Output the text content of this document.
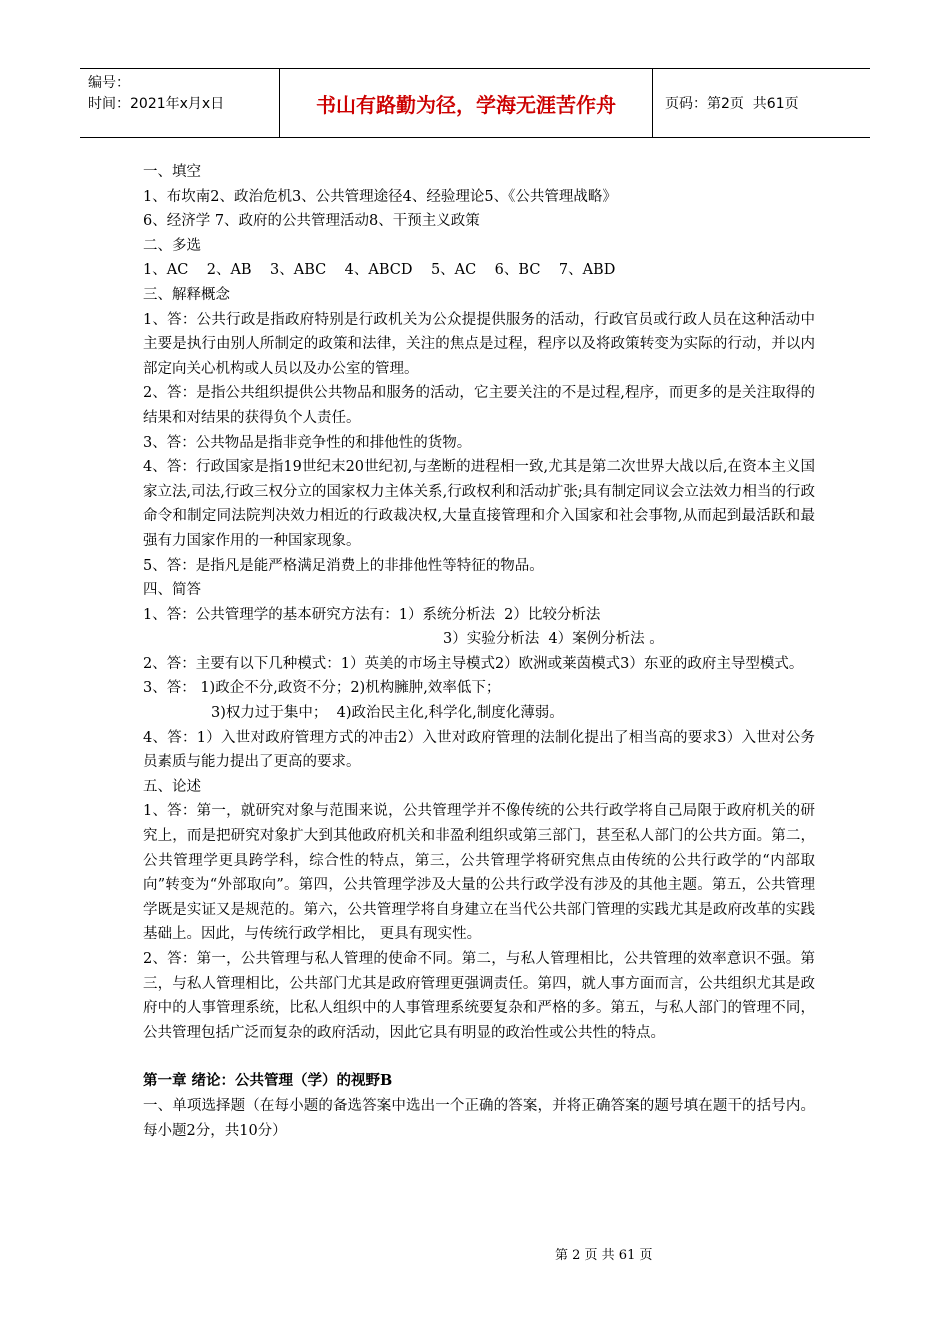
编号：
时间：2021年x月x日	书山有路勤为径，学海无涯苦作舟	页码：第2页  共61页

一、填空

1、布坎南2、政治危机3、公共管理途径4、经验理论5、《公共管理战略》

6、经济学 7、政府的公共管理活动8、干预主义政策

二、多选

1、AC    2、AB    3、ABC    4、ABCD    5、AC    6、BC    7、ABD

三、解释概念

1、答：公共行政是指政府特别是行政机关为公众提提供服务的活动，行政官员或行政人员在这种活动中主要是执行由别人所制定的政策和法律，关注的焦点是过程，程序以及将政策转变为实际的行动，并以内部定向关心机构或人员以及办公室的管理。

2、答：是指公共组织提供公共物品和服务的活动，它主要关注的不是过程,程序，而更多的是关注取得的结果和对结果的获得负个人责任。

3、答：公共物品是指非竞争性的和排他性的货物。

4、答：行政国家是指19世纪末20世纪初,与垄断的进程相一致,尤其是第二次世界大战以后,在资本主义国家立法,司法,行政三权分立的国家权力主体关系,行政权利和活动扩张;具有制定同议会立法效力相当的行政命令和制定同法院判决效力相近的行政裁决权,大量直接管理和介入国家和社会事物,从而起到最活跃和最强有力国家作用的一种国家现象。

5、答：是指凡是能严格满足消费上的非排他性等特征的物品。

四、简答

1、答：公共管理学的基本研究方法有：1）系统分析法  2）比较分析法

3）实验分析法  4）案例分析法 。

2、答：主要有以下几种模式：1）英美的市场主导模式2）欧洲或莱茵模式3）东亚的政府主导型模式。

3、答： 1)政企不分,政资不分；2)机构臃肿,效率低下；

3)权力过于集中；  4)政治民主化,科学化,制度化薄弱。

4、答：1）入世对政府管理方式的冲击2）入世对政府管理的法制化提出了相当高的要求3）入世对公务员素质与能力提出了更高的要求。

五、论述

1、答：第一，就研究对象与范围来说，公共管理学并不像传统的公共行政学将自己局限于政府机关的研究上，而是把研究对象扩大到其他政府机关和非盈利组织或第三部门，甚至私人部门的公共方面。第二，公共管理学更具跨学科，综合性的特点，第三，公共管理学将研究焦点由传统的公共行政学的“内部取向”转变为“外部取向”。第四，公共管理学涉及大量的公共行政学没有涉及的其他主题。第五，公共管理学既是实证又是规范的。第六，公共管理学将自身建立在当代公共部门管理的实践尤其是政府改革的实践基础上。因此，与传统行政学相比， 更具有现实性。

2、答：第一，公共管理与私人管理的使命不同。第二，与私人管理相比，公共管理的效率意识不强。第三，与私人管理相比，公共部门尤其是政府管理更强调责任。第四，就人事方面而言，公共组织尤其是政府中的人事管理系统，比私人组织中的人事管理系统要复杂和严格的多。第五，与私人部门的管理不同，公共管理包括广泛而复杂的政府活动，因此它具有明显的政治性或公共性的特点。

第一章 绪论：公共管理（学）的视野B

一、单项选择题（在每小题的备选答案中选出一个正确的答案，并将正确答案的题号填在题干的括号内。每小题2分，共10分）

第 2 页 共 61 页
